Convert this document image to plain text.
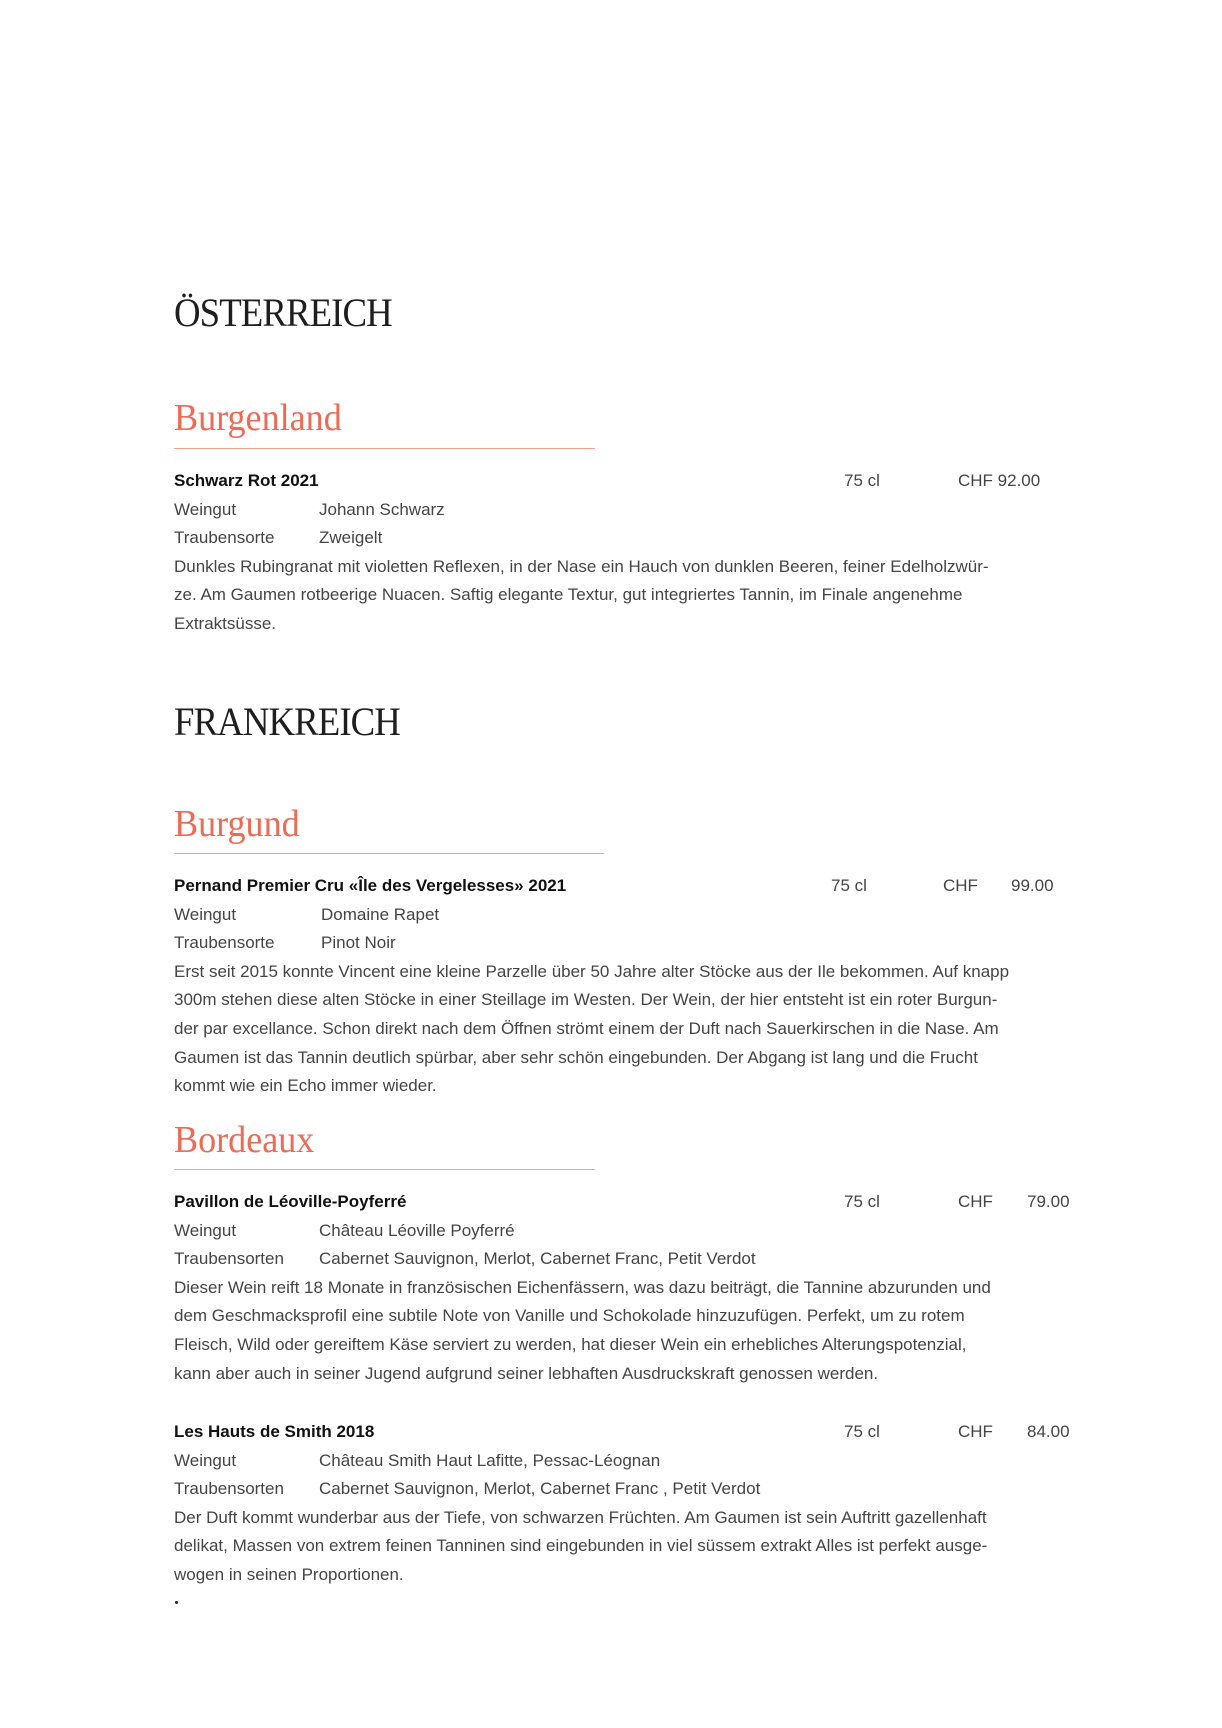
ÖSTERREICH
Burgenland
Schwarz Rot 2021	75 cl	CHF 92.00
Weingut	Johann Schwarz
Traubensorte	Zweigelt
Dunkles Rubingranat mit violetten Reflexen, in der Nase ein Hauch von dunklen Beeren, feiner Edelholzwür-
ze. Am Gaumen rotbeerige Nuacen. Saftig elegante Textur, gut integriertes Tannin, im Finale angenehme
Extraktsüsse.
FRANKREICH
Burgund
Pernand Premier Cru «Île des Vergelesses» 2021	75 cl	CHF 99.00
Weingut	Domaine Rapet
Traubensorte	Pinot Noir
Erst seit 2015 konnte Vincent eine kleine Parzelle über 50 Jahre alter Stöcke aus der Ile bekommen. Auf knapp
300m stehen diese alten Stöcke in einer Steillage im Westen. Der Wein, der hier entsteht ist ein roter Burgun-
der par excellance. Schon direkt nach dem Öffnen strömt einem der Duft nach Sauerkirschen in die Nase. Am
Gaumen ist das Tannin deutlich spürbar, aber sehr schön eingebunden. Der Abgang ist lang und die Frucht
kommt wie ein Echo immer wieder.
Bordeaux
Pavillon de Léoville-Poyferré	75 cl	CHF 79.00
Weingut	Château Léoville Poyferré
Traubensorten Cabernet Sauvignon, Merlot, Cabernet Franc, Petit Verdot
Dieser Wein reift 18 Monate in französischen Eichenfässern, was dazu beiträgt, die Tannine abzurunden und
dem Geschmacksprofil eine subtile Note von Vanille und Schokolade hinzuzufügen. Perfekt, um zu rotem
Fleisch, Wild oder gereiftem Käse serviert zu werden, hat dieser Wein ein erhebliches Alterungspotenzial,
kann aber auch in seiner Jugend aufgrund seiner lebhaften Ausdruckskraft genossen werden.
Les Hauts de Smith 2018	75 cl	CHF 84.00
Weingut	Château Smith Haut Lafitte, Pessac-Léognan
Traubensorten Cabernet Sauvignon, Merlot, Cabernet Franc , Petit Verdot
Der Duft kommt wunderbar aus der Tiefe, von schwarzen Früchten. Am Gaumen ist sein Auftritt gazellenhaft
delikat, Massen von extrem feinen Tanninen sind eingebunden in viel süssem extrakt Alles ist perfekt ausge-
wogen in seinen Proportionen.
